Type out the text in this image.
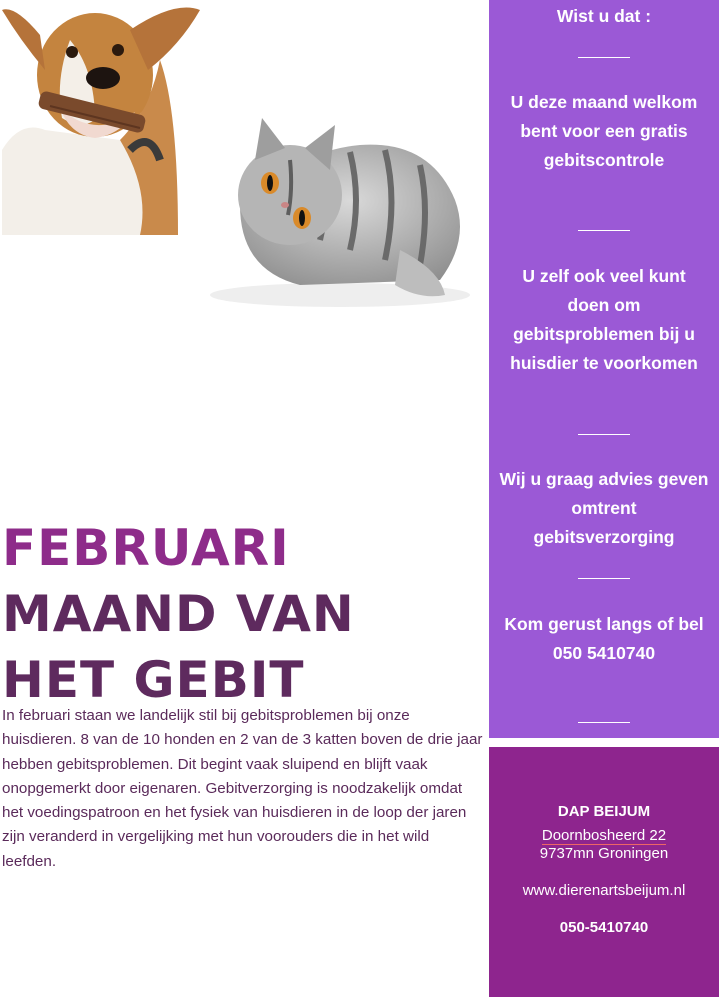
FEBRUARI
MAAND VAN
HET GEBIT

In februari staan we landelijk stil bij gebitsproblemen bij onze huisdieren. 8 van de 10 honden en 2 van de 3 katten boven de drie jaar hebben gebitsproblemen. Dit begint vaak sluipend en blijft vaak onopgemerkt door eigenaren. Gebitverzorging is noodzakelijk omdat het voedingspatroon en het fysiek van huisdieren in de loop der jaren zijn veranderd in vergelijking met hun voorouders die in het wild leefden.

Wist u dat :
U deze maand welkom bent voor een gratis gebitscontrole
U zelf ook veel kunt doen om gebitsproblemen bij u huisdier te voorkomen
Wij u graag advies geven omtrent gebitsverzorging
Kom gerust langs of bel 050 5410740
DAP BEIJUM
Doornbosheerd 22
9737mn Groningen
www.dierenartsbeijum.nl
050-5410740
